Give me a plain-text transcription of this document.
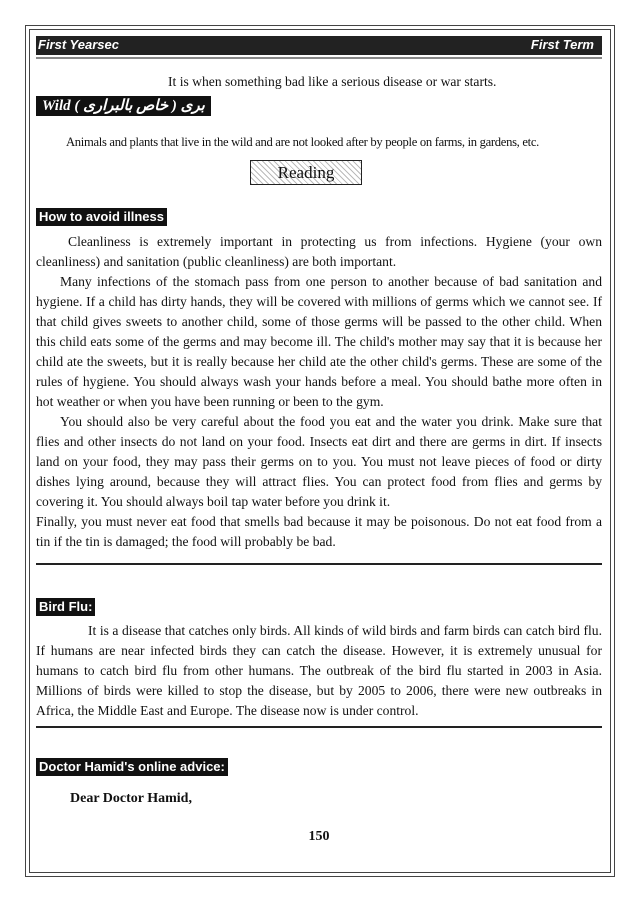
First Yearsec	First Term
It is when something bad like a serious disease or war starts.
Wild ( خاص بالبرارى ) برى
Animals and plants that live in the wild and are not looked after by people on farms, in gardens, etc.
Reading
How to avoid illness
Cleanliness is extremely important in protecting us from infections. Hygiene (your own cleanliness) and sanitation (public cleanliness) are both important.
Many infections of the stomach pass from one person to another because of bad sanitation and hygiene. If a child has dirty hands, they will be covered with millions of germs which we cannot see. If that child gives sweets to another child, some of those germs will be passed to the other child. When this child eats some of the germs and may become ill. The child's mother may say that it is because her child ate the sweets, but it is really because her child ate the other child's germs. These are some of the rules of hygiene. You should always wash your hands before a meal. You should bathe more often in hot weather or when you have been running or been to the gym.
You should also be very careful about the food you eat and the water you drink. Make sure that flies and other insects do not land on your food. Insects eat dirt and there are germs in dirt. If insects land on your food, they may pass their germs on to you. You must not leave pieces of food or dirty dishes lying around, because they will attract flies. You can protect food from flies and germs by covering it. You should always boil tap water before you drink it.
Finally, you must never eat food that smells bad because it may be poisonous. Do not eat food from a tin if the tin is damaged; the food will probably be bad.
Bird Flu:
It is a disease that catches only birds. All kinds of wild birds and farm birds can catch bird flu. If humans are near infected birds they can catch the disease. However, it is extremely unusual for humans to catch bird flu from other humans. The outbreak of the bird flu started in 2003 in Asia. Millions of birds were killed to stop the disease, but by 2005 to 2006, there were new outbreaks in Africa, the Middle East and Europe. The disease now is under control.
Doctor Hamid's online advice:
Dear Doctor Hamid,
150
